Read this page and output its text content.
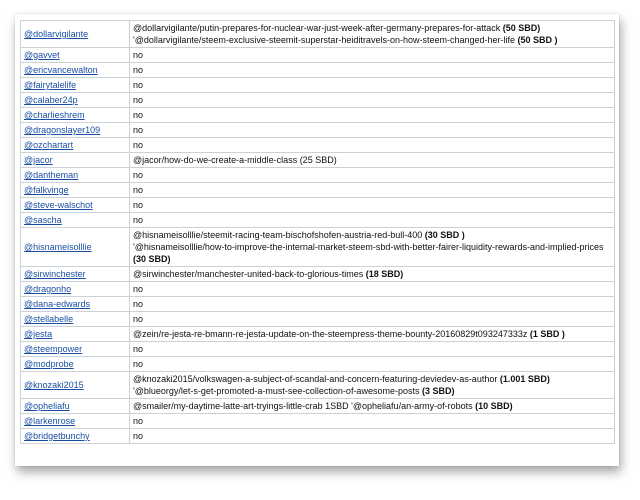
@dollarvigilante	@dollarvigilante/putin-prepares-for-nuclear-war-just-week-after-germany-prepares-for-attack (50 SBD)
'@dollarvigilante/steem-exclusive-steemit-superstar-heiditravels-on-how-steem-changed-her-life (50 SBD )

@gavvet	no
@ericvancewalton	no
@fairytalelife	no
@calaber24p	no
@charlieshrem	no
@dragonslayer109	no
@ozchartart	no
@jacor	@jacor/how-do-we-create-a-middle-class (25 SBD)
@dantheman	no
@falkvinge	no
@steve-walschot	no
@sascha	no
@hisnameisolllie	@hisnameisolllie/steemit-racing-team-bischofshofen-austria-red-bull-400 (30 SBD )
'@hisnameisolllie/how-to-improve-the-internal-market-steem-sbd-with-better-fairer-liquidity-rewards-and-implied-prices (30 SBD)

@sirwinchester	@sirwinchester/manchester-united-back-to-glorious-times (18 SBD)
@dragonho	no
@dana-edwards	no
@stellabelle	no
@jesta	@zein/re-jesta-re-bmann-re-jesta-update-on-the-steempress-theme-bounty-20160829t093247333z (1 SBD )
@steempower	no
@modprobe	no
@knozaki2015	@knozaki2015/volkswagen-a-subject-of-scandal-and-concern-featuring-deviedev-as-author (1.001 SBD)
'@blueorgy/let-s-get-promoted-a-must-see-collection-of-awesome-posts (3 SBD)

@opheliafu	@smailer/my-daytime-latte-art-tryings-little-crab 1SBD '@opheliafu/an-army-of-robots (10 SBD)
@larkenrose	no
@bridgetbunchy	no
